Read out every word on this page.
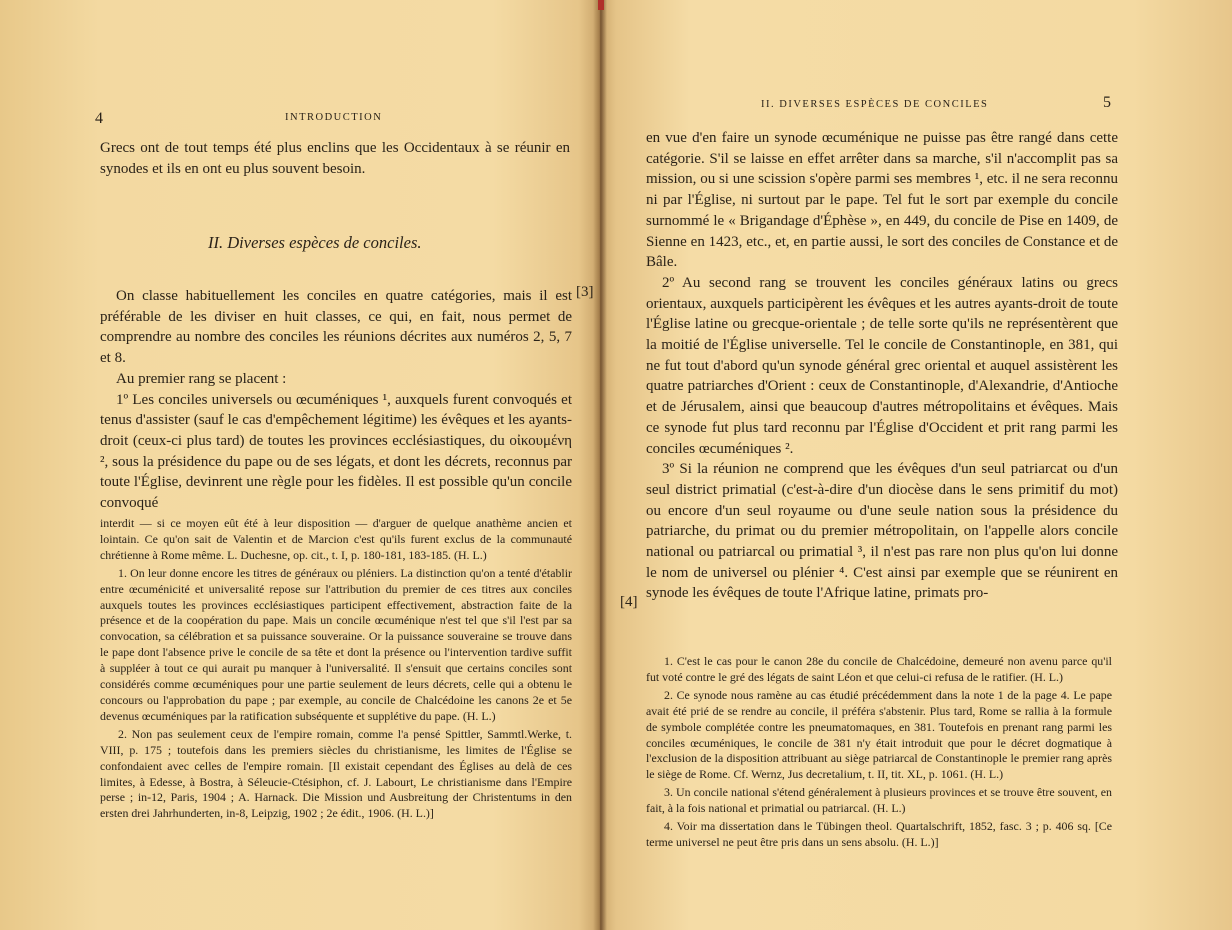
4	INTRODUCTION

Grecs ont de tout temps été plus enclins que les Occidentaux à se réunir en synodes et ils en ont eu plus souvent besoin.

II. Diverses espèces de conciles.
[3]

On classe habituellement les conciles en quatre catégories, mais il est préférable de les diviser en huit classes, ce qui, en fait, nous permet de comprendre au nombre des conciles les réunions décrites aux numéros 2, 5, 7 et 8.

Au premier rang se placent :

1º Les conciles universels ou œcuméniques ¹, auxquels furent convoqués et tenus d'assister (sauf le cas d'empêchement légitime) les évêques et les ayants-droit (ceux-ci plus tard) de toutes les provinces ecclésiastiques, du οἰκουμένη ², sous la présidence du pape ou de ses légats, et dont les décrets, reconnus par toute l'Église, devinrent une règle pour les fidèles. Il est possible qu'un concile convoqué

interdit — si ce moyen eût été à leur disposition — d'arguer de quelque anathème ancien et lointain. Ce qu'on sait de Valentin et de Marcion c'est qu'ils furent exclus de la communauté chrétienne à Rome même. L. Duchesne, op. cit., t. I, p. 180-181, 183-185. (H. L.)

1. On leur donne encore les titres de généraux ou pléniers. La distinction qu'on a tenté d'établir entre œcuménicité et universalité repose sur l'attribution du premier de ces titres aux conciles auxquels toutes les provinces ecclésiastiques participent effectivement, abstraction faite de la présence et de la coopération du pape. Mais un concile œcuménique n'est tel que s'il l'est par sa convocation, sa célébration et sa puissance souveraine. Or la puissance souveraine se trouve dans le pape dont l'absence prive le concile de sa tête et dont la présence ou l'intervention tardive suffit à suppléer à tout ce qui aurait pu manquer à l'universalité. Il s'ensuit que certains conciles sont considérés comme œcuméniques pour une partie seulement de leurs décrets, celle qui a obtenu le concours ou l'approbation du pape ; par exemple, au concile de Chalcédoine les canons 2e et 5e devenus œcuméniques par la ratification subséquente et supplétive du pape. (H. L.)

2. Non pas seulement ceux de l'empire romain, comme l'a pensé Spittler, Sammtl.Werke, t. VIII, p. 175 ; toutefois dans les premiers siècles du christianisme, les limites de l'Église se confondaient avec celles de l'empire romain. [Il existait cependant des Églises au delà de ces limites, à Edesse, à Bostra, à Séleucie-Ctésiphon, cf. J. Labourt, Le christianisme dans l'Empire perse ; in-12, Paris, 1904 ; A. Harnack. Die Mission und Ausbreitung der Christentums in den ersten drei Jahrhunderten, in-8, Leipzig, 1902 ; 2e édit., 1906. (H. L.)]

II. DIVERSES ESPÈCES DE CONCILES	5
[4]

en vue d'en faire un synode œcuménique ne puisse pas être rangé dans cette catégorie. S'il se laisse en effet arrêter dans sa marche, s'il n'accomplit pas sa mission, ou si une scission s'opère parmi ses membres ¹, etc. il ne sera reconnu ni par l'Église, ni surtout par le pape. Tel fut le sort par exemple du concile surnommé le « Brigandage d'Éphèse », en 449, du concile de Pise en 1409, de Sienne en 1423, etc., et, en partie aussi, le sort des conciles de Constance et de Bâle.

2º Au second rang se trouvent les conciles généraux latins ou grecs orientaux, auxquels participèrent les évêques et les autres ayants-droit de toute l'Église latine ou grecque-orientale ; de telle sorte qu'ils ne représentèrent que la moitié de l'Église universelle. Tel le concile de Constantinople, en 381, qui ne fut tout d'abord qu'un synode général grec oriental et auquel assistèrent les quatre patriarches d'Orient : ceux de Constantinople, d'Alexandrie, d'Antioche et de Jérusalem, ainsi que beaucoup d'autres métropolitains et évêques. Mais ce synode fut plus tard reconnu par l'Église d'Occident et prit rang parmi les conciles œcuméniques ².

3º Si la réunion ne comprend que les évêques d'un seul patriarcat ou d'un seul district primatial (c'est-à-dire d'un diocèse dans le sens primitif du mot) ou encore d'un seul royaume ou d'une seule nation sous la présidence du patriarche, du primat ou du premier métropolitain, on l'appelle alors concile national ou patriarcal ou primatial ³, il n'est pas rare non plus qu'on lui donne le nom de universel ou plénier ⁴. C'est ainsi par exemple que se réunirent en synode les évêques de toute l'Afrique latine, primats pro-

1. C'est le cas pour le canon 28e du concile de Chalcédoine, demeuré non avenu parce qu'il fut voté contre le gré des légats de saint Léon et que celui-ci refusa de le ratifier. (H. L.)

2. Ce synode nous ramène au cas étudié précédemment dans la note 1 de la page 4. Le pape avait été prié de se rendre au concile, il préféra s'abstenir. Plus tard, Rome se rallia à la formule de symbole complétée contre les pneumatomaques, en 381. Toutefois en prenant rang parmi les conciles œcuméniques, le concile de 381 n'y était introduit que pour le décret dogmatique à l'exclusion de la disposition attribuant au siège patriarcal de Constantinople le premier rang après le siège de Rome. Cf. Wernz, Jus decretalium, t. II, tit. XL, p. 1061. (H. L.)

3. Un concile national s'étend généralement à plusieurs provinces et se trouve être souvent, en fait, à la fois national et primatial ou patriarcal. (H. L.)

4. Voir ma dissertation dans le Tübingen theol. Quartalschrift, 1852, fasc. 3 ; p. 406 sq. [Ce terme universel ne peut être pris dans un sens absolu. (H. L.)]
